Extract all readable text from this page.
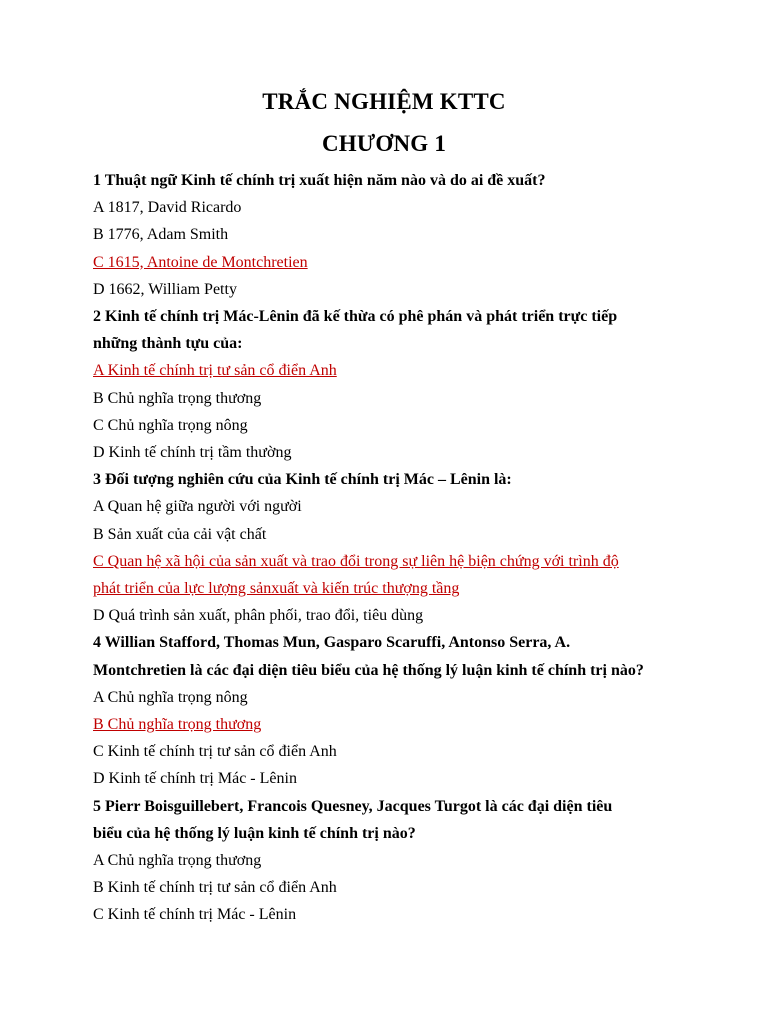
TRẮC NGHIỆM KTTC
CHƯƠNG 1
1 Thuật ngữ Kinh tế chính trị xuất hiện năm nào và do ai đề xuất?
A 1817, David Ricardo
B 1776, Adam Smith
C 1615, Antoine de Montchretien
D 1662, William Petty
2 Kinh tế chính trị Mác-Lênin đã kế thừa có phê phán và phát triển trực tiếp
những thành tựu của:
A Kinh tế chính trị tư sản cổ điển Anh
B Chủ nghĩa trọng thương
C Chủ nghĩa trọng nông
D Kinh tế chính trị tầm thường
3 Đối tượng nghiên cứu của Kinh tế chính trị Mác – Lênin là:
A Quan hệ giữa người với người
B Sản xuất của cải vật chất
C Quan hệ xã hội của sản xuất và trao đổi trong sự liên hệ biện chứng với trình độ
phát triển của lực lượng sảnxuất và kiến trúc thượng tầng
D Quá trình sản xuất, phân phối, trao đổi, tiêu dùng
4 Willian Stafford, Thomas Mun, Gasparo Scaruffi, Antonso Serra, A.
Montchretien là các đại diện tiêu biểu của hệ thống lý luận kinh tế chính trị nào?
A Chủ nghĩa trọng nông
B Chủ nghĩa trọng thương
C Kinh tế chính trị tư sản cổ điển Anh
D Kinh tế chính trị Mác - Lênin
5 Pierr Boisguillebert, Francois Quesney, Jacques Turgot là các đại diện tiêu
biểu của hệ thống lý luận kinh tế chính trị nào?
A Chủ nghĩa trọng thương
B Kinh tế chính trị tư sản cổ điển Anh
C Kinh tế chính trị Mác - Lênin
